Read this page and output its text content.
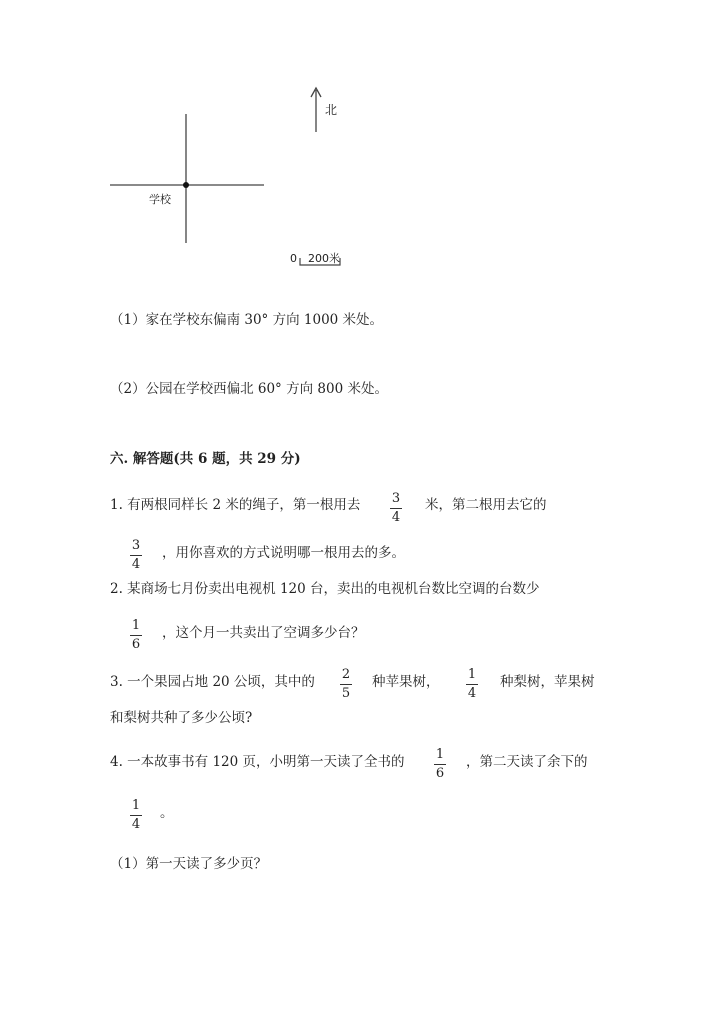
北
学校
0 200米
（1）家在学校东偏南 30° 方向 1000 米处。
（2）公园在学校西偏北 60° 方向 800 米处。
六. 解答题(共 6 题，共 29 分)
1. 有两根同样长 2 米的绳子，第一根用去 3
4
米，第二根用去它的
3
4
，用你喜欢的方式说明哪一根用去的多。
2. 某商场七月份卖出电视机 120 台，卖出的电视机台数比空调的台数少
1
6
，这个月一共卖出了空调多少台？
3. 一个果园占地 20 公顷，其中的 2
5
种苹果树， 1
4
种梨树，苹果树
和梨树共种了多少公顷?
4. 一本故事书有 120 页，小明第一天读了全书的 1
6
，第二天读了余下的
1
4
。
（1）第一天读了多少页？
